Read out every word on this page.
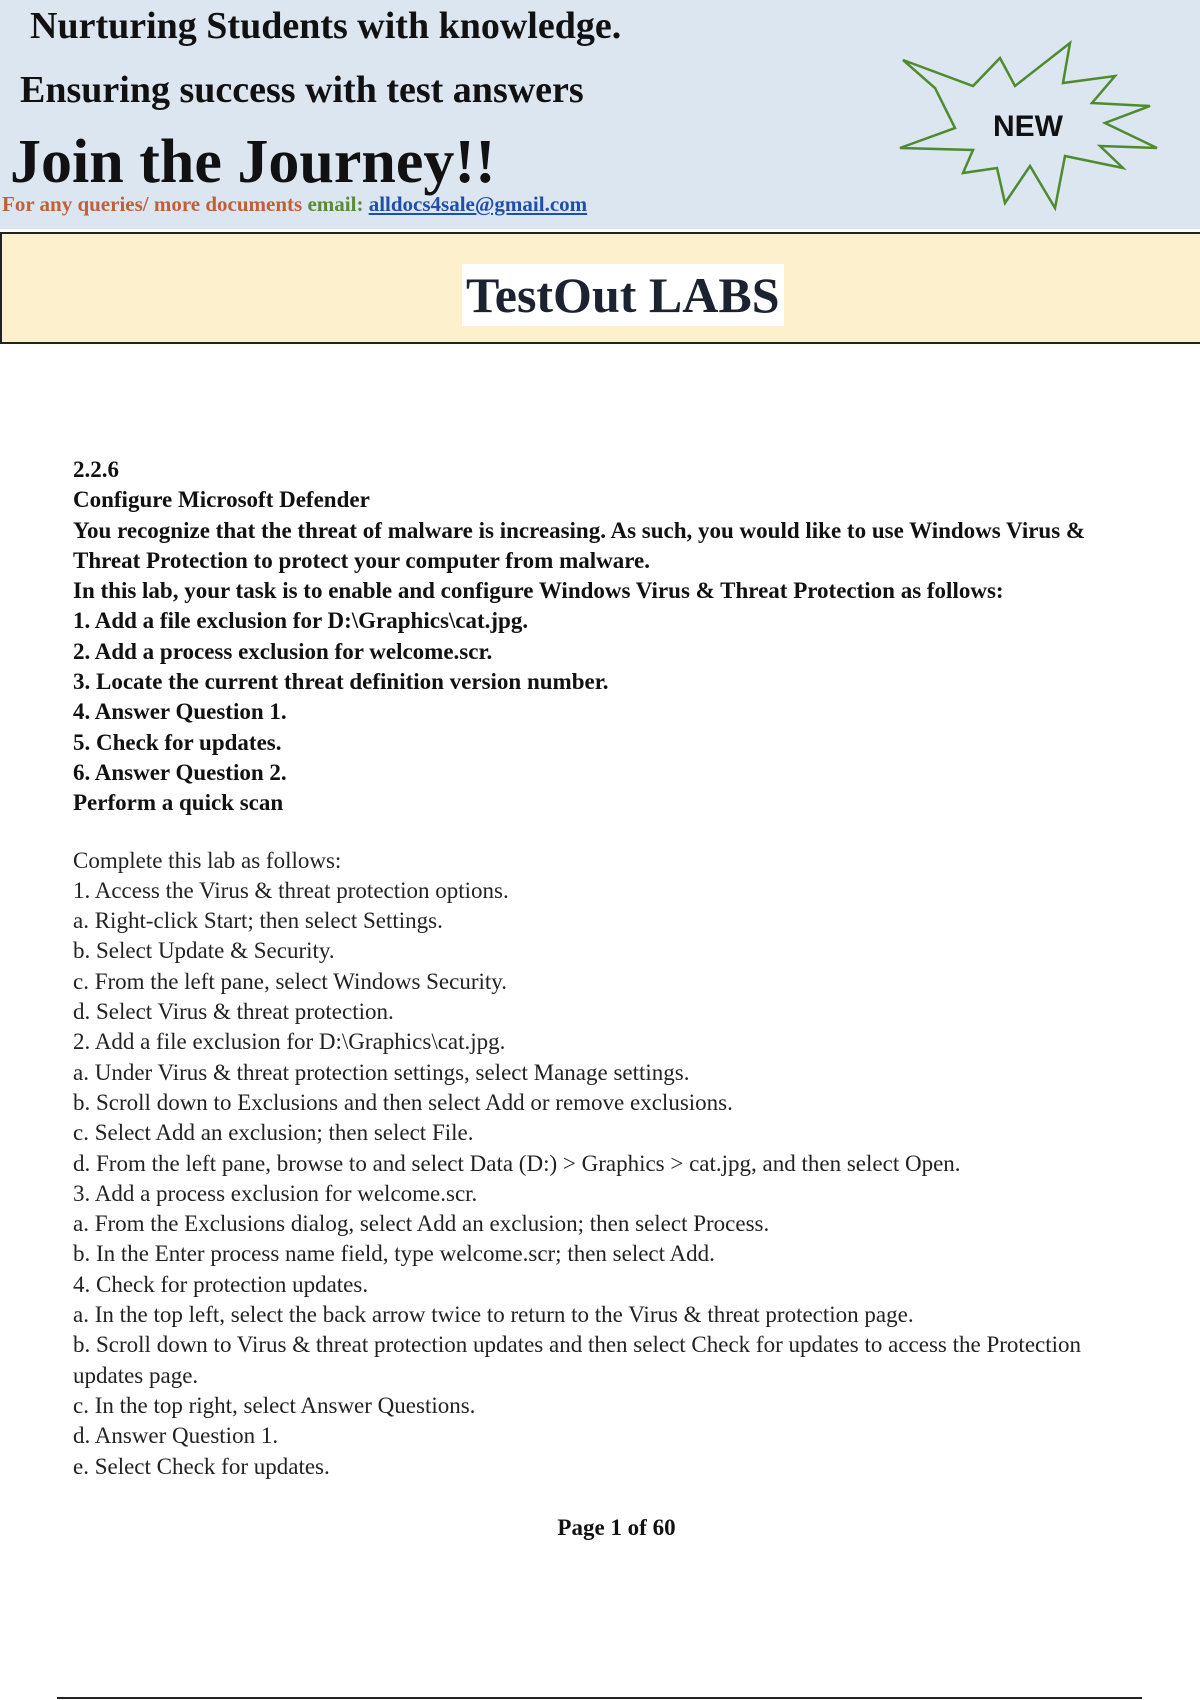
Nurturing Students with knowledge.
Ensuring success with test answers
Join the Journey!!
For any queries/ more documents email: alldocs4sale@gmail.com
NEW
TestOut LABS
2.2.6
Configure Microsoft Defender
You recognize that the threat of malware is increasing. As such, you would like to use Windows Virus &
Threat Protection to protect your computer from malware.
In this lab, your task is to enable and configure Windows Virus & Threat Protection as follows:
1. Add a file exclusion for D:\Graphics\cat.jpg.
2. Add a process exclusion for welcome.scr.
3. Locate the current threat definition version number.
4. Answer Question 1.
5. Check for updates.
6. Answer Question 2.
Perform a quick scan
Complete this lab as follows:
1. Access the Virus & threat protection options.
a. Right-click Start; then select Settings.
b. Select Update & Security.
c. From the left pane, select Windows Security.
d. Select Virus & threat protection.
2. Add a file exclusion for D:\Graphics\cat.jpg.
a. Under Virus & threat protection settings, select Manage settings.
b. Scroll down to Exclusions and then select Add or remove exclusions.
c. Select Add an exclusion; then select File.
d. From the left pane, browse to and select Data (D:) > Graphics > cat.jpg, and then select Open.
3. Add a process exclusion for welcome.scr.
a. From the Exclusions dialog, select Add an exclusion; then select Process.
b. In the Enter process name field, type welcome.scr; then select Add.
4. Check for protection updates.
a. In the top left, select the back arrow twice to return to the Virus & threat protection page.
b. Scroll down to Virus & threat protection updates and then select Check for updates to access the Protection
updates page.
c. In the top right, select Answer Questions.
d. Answer Question 1.
e. Select Check for updates.
Page 1 of 60
